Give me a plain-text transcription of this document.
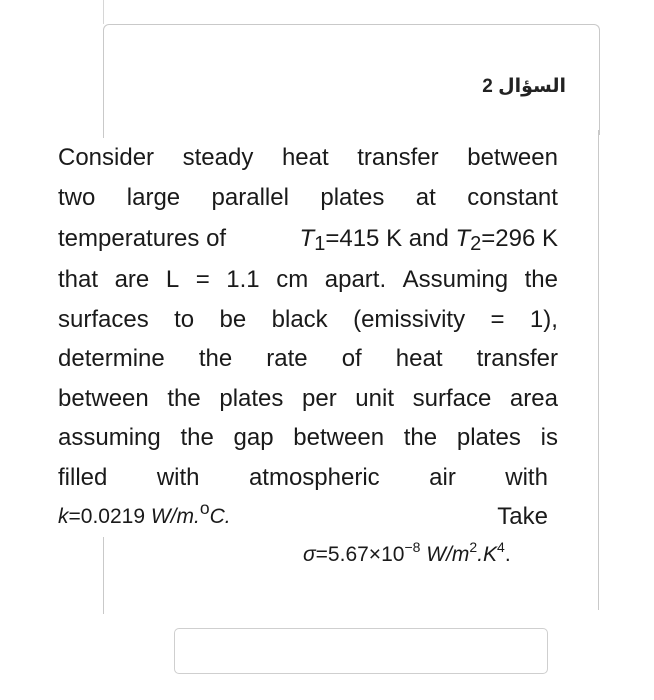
السؤال 2
Consider steady heat transfer between
two large parallel plates at constant
temperatures of	$T_1=415$ K and $T_2=296$ K
that are L = 1.1 cm apart. Assuming the
surfaces to be black (emissivity = 1),
determine the rate of heat transfer
between the plates per unit surface area
assuming the gap between the plates is
filled with atmospheric air with
k=0.0219 W/m.$^o$C.	Take
$\sigma=5.67\times 10^{-8}$ $W/m^2.K^4$.
